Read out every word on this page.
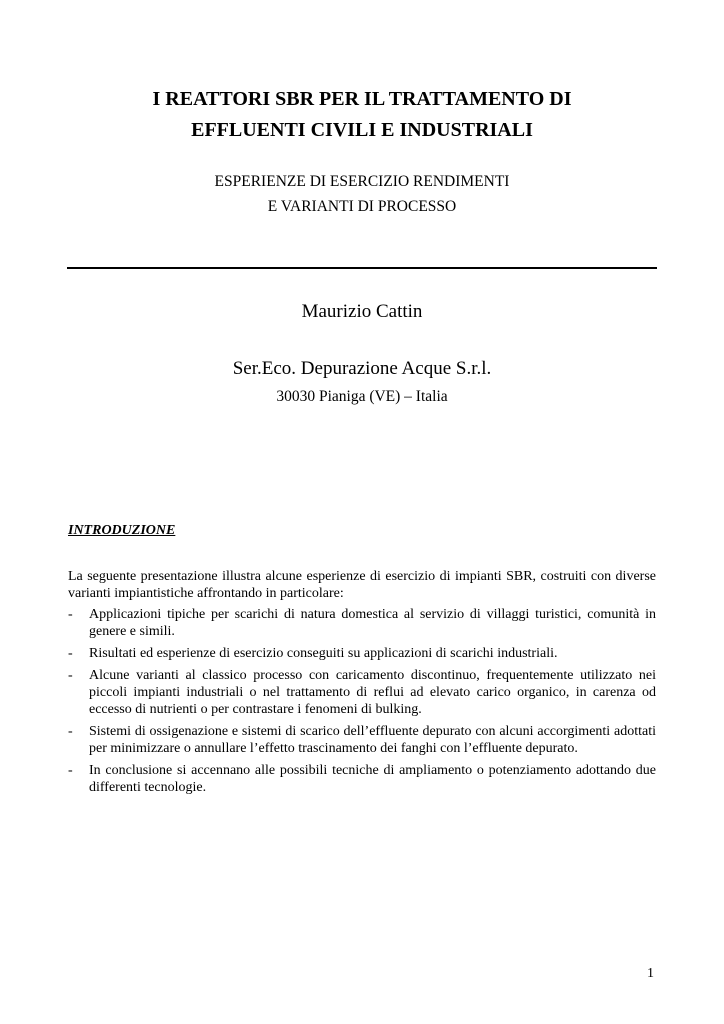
I REATTORI SBR PER IL TRATTAMENTO DI
EFFLUENTI CIVILI E INDUSTRIALI
ESPERIENZE DI ESERCIZIO RENDIMENTI
E VARIANTI DI PROCESSO
Maurizio Cattin
Ser.Eco. Depurazione Acque S.r.l.
30030 Pianiga (VE) – Italia
INTRODUZIONE

La seguente presentazione illustra alcune esperienze di esercizio di impianti SBR, costruiti con diverse varianti impiantistiche affrontando in particolare:

- Applicazioni tipiche per scarichi di natura domestica al servizio di villaggi turistici, comunità in genere e simili.
- Risultati ed esperienze di esercizio conseguiti su applicazioni di scarichi industriali.
- Alcune varianti al classico processo con caricamento discontinuo, frequentemente utilizzato nei piccoli impianti industriali o nel trattamento di reflui ad elevato carico organico, in carenza od eccesso di nutrienti o per contrastare i fenomeni di bulking.
- Sistemi di ossigenazione e sistemi di scarico dell’effluente depurato con alcuni accorgimenti adottati per minimizzare o annullare l’effetto trascinamento dei fanghi con l’effluente depurato.
- In conclusione si accennano alle possibili tecniche di ampliamento o potenziamento adottando due differenti tecnologie.
1
